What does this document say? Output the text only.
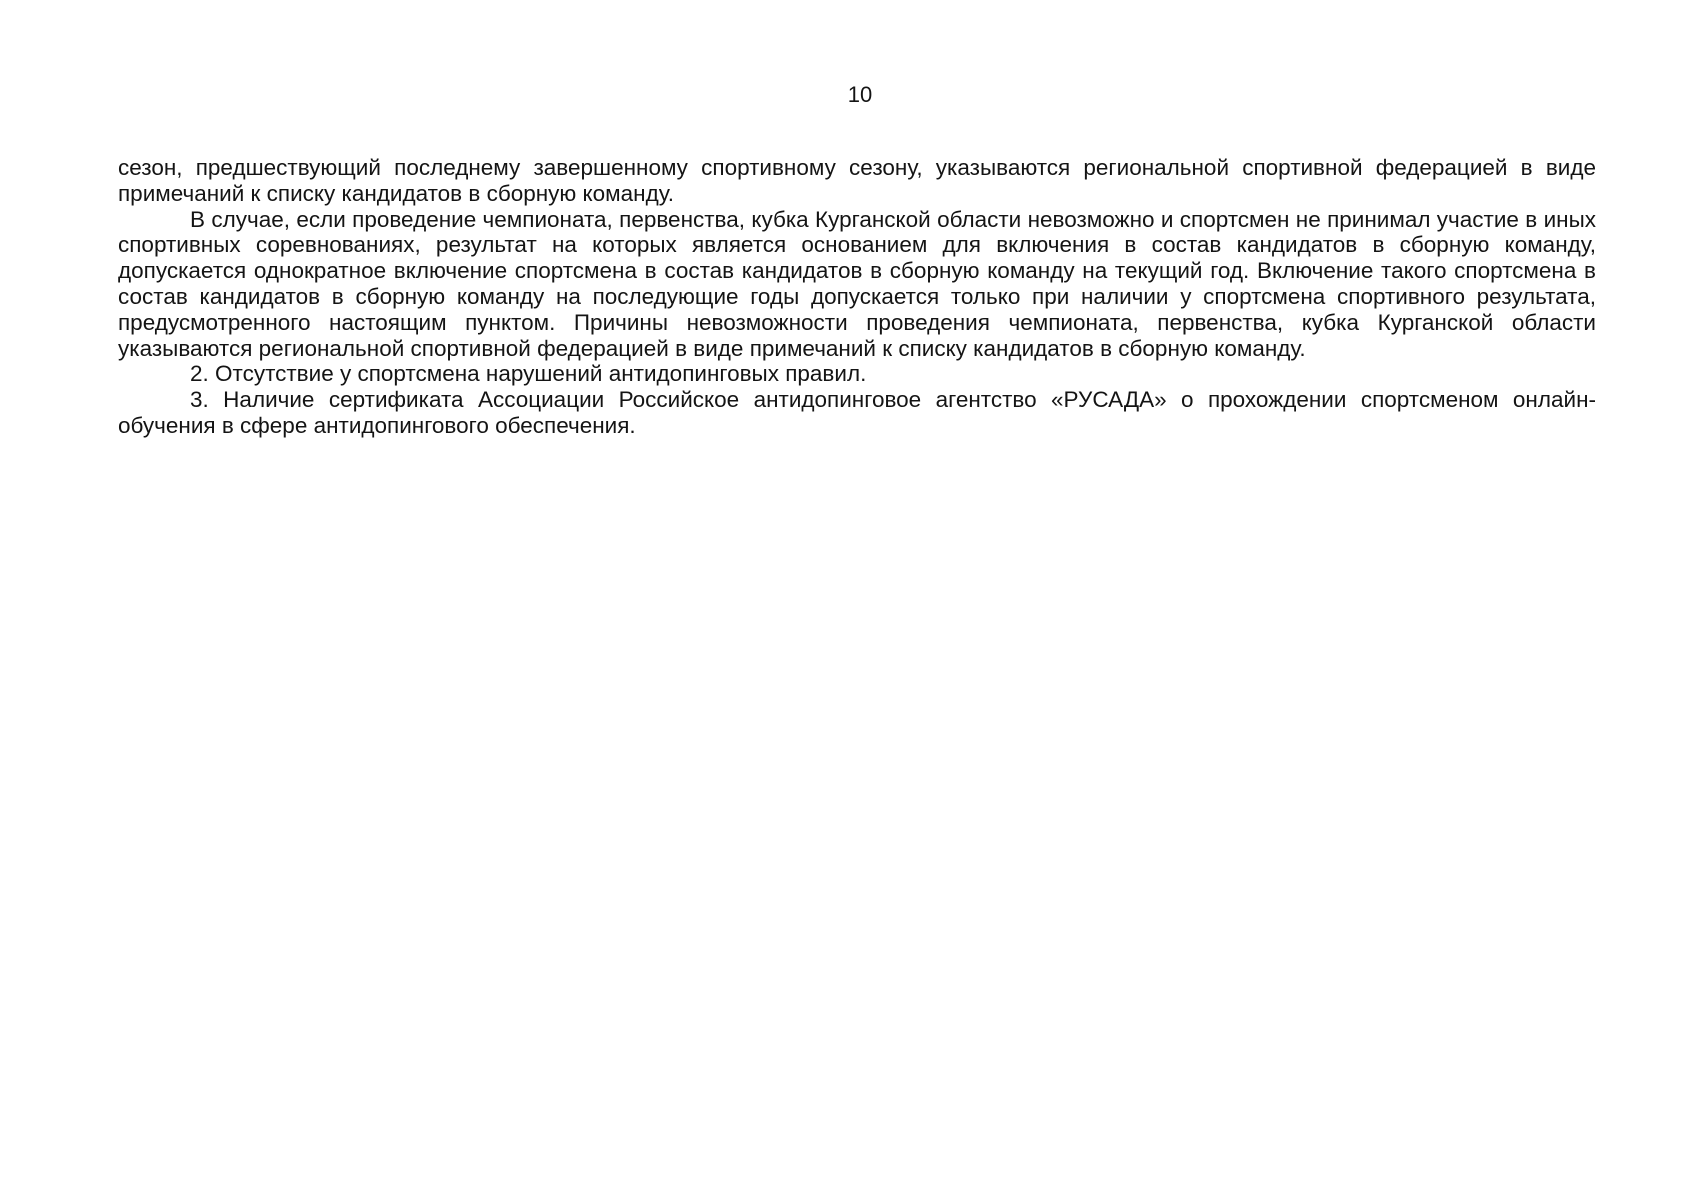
10

сезон, предшествующий последнему завершенному спортивному сезону, указываются региональной спортивной федерацией в виде примечаний к списку кандидатов в сборную команду.

В случае, если проведение чемпионата, первенства, кубка Курганской области невозможно и спортсмен не принимал участие в иных спортивных соревнованиях, результат на которых является основанием для включения в состав кандидатов в сборную команду, допускается однократное включение спортсмена в состав кандидатов в сборную команду на текущий год. Включение такого спортсмена в состав кандидатов в сборную команду на последующие годы допускается только при наличии у спортсмена спортивного результата, предусмотренного настоящим пунктом. Причины невозможности проведения чемпионата, первенства, кубка Курганской области указываются региональной спортивной федерацией в виде примечаний к списку кандидатов в сборную команду.

2. Отсутствие у спортсмена нарушений антидопинговых правил.

3. Наличие сертификата Ассоциации Российское антидопинговое агентство «РУСАДА» о прохождении спортсменом онлайн-обучения в сфере антидопингового обеспечения.
